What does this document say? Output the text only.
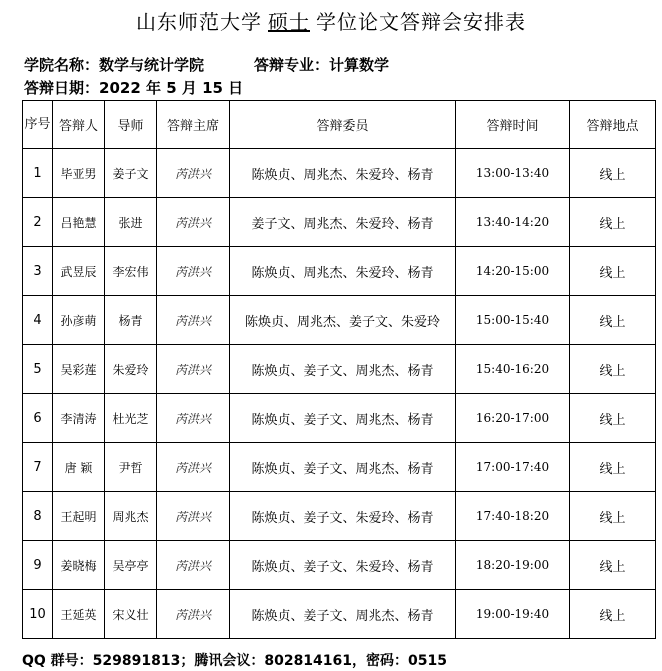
山东师范大学 硕士 学位论文答辩会安排表
学院名称：数学与统计学院	答辩专业：计算数学
答辩日期：2022 年 5 月 15 日
序号	答辩人	导师	答辩主席	答辩委员	答辩时间	答辩地点
1	毕亚男	姜子文	芮洪兴	陈焕贞、周兆杰、朱爱玲、杨青	13:00-13:40	线上
2	吕艳慧	张进	芮洪兴	姜子文、周兆杰、朱爱玲、杨青	13:40-14:20	线上
3	武昱辰	李宏伟	芮洪兴	陈焕贞、周兆杰、朱爱玲、杨青	14:20-15:00	线上
4	孙彦萌	杨青	芮洪兴	陈焕贞、周兆杰、姜子文、朱爱玲	15:00-15:40	线上
5	吴彩莲	朱爱玲	芮洪兴	陈焕贞、姜子文、周兆杰、杨青	15:40-16:20	线上
6	李清涛	杜光芝	芮洪兴	陈焕贞、姜子文、周兆杰、杨青	16:20-17:00	线上
7	唐 颖	尹哲	芮洪兴	陈焕贞、姜子文、周兆杰、杨青	17:00-17:40	线上
8	王起明	周兆杰	芮洪兴	陈焕贞、姜子文、朱爱玲、杨青	17:40-18:20	线上
9	姜晓梅	吴亭亭	芮洪兴	陈焕贞、姜子文、朱爱玲、杨青	18:20-19:00	线上
10	王延英	宋义壮	芮洪兴	陈焕贞、姜子文、周兆杰、杨青	19:00-19:40	线上
QQ 群号：529891813；腾讯会议：802814161，密码：0515
